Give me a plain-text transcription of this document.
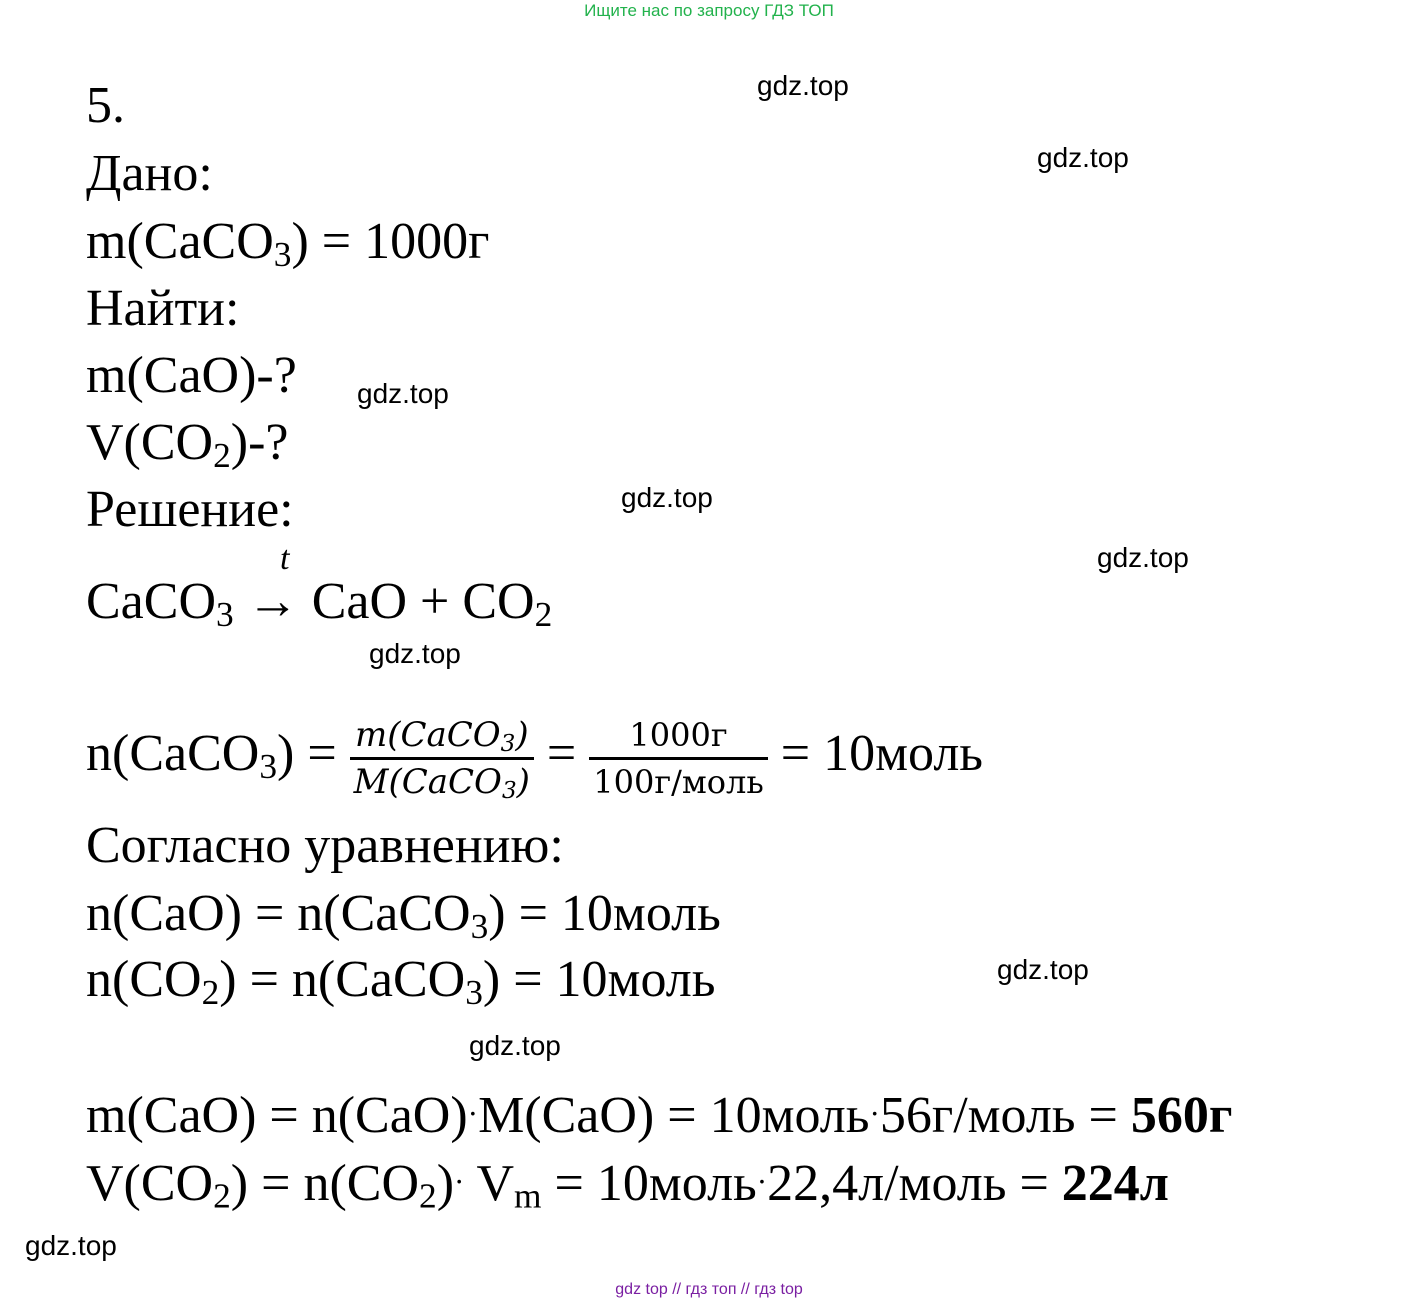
Ищите нас по запросу ГДЗ ТОП
gdz.top
gdz.top
gdz.top
gdz.top
gdz.top
gdz.top
gdz.top
gdz.top
gdz.top
5.
Дано:
m(CaCO$_3$) = 1000г
Найти:
m(CaO)-?
$V(CO_2)-$?
Решение:
t
CaCO$_3$ → CaO + $CO_2$
n(CaCO$_3$) = $\frac{m(CaCO_3)}{M(CaCO_3)} = \frac{1000г}{\text{100г/моль}}$ = 10моль
Согласно уравнению:
n(CaO) = n(CaCO$_3$) = 10моль
$n(CO_2)$ = n(CaCO$_3$) = 10моль
m(CaO) = n(CaO)·M(CaO) = 10моль·56г/моль = 560г
$V(CO_2) = n(CO_2)\cdot V_m$ = 10моль·22,4л/моль = 224л
gdz top // гдз топ // гдз top
